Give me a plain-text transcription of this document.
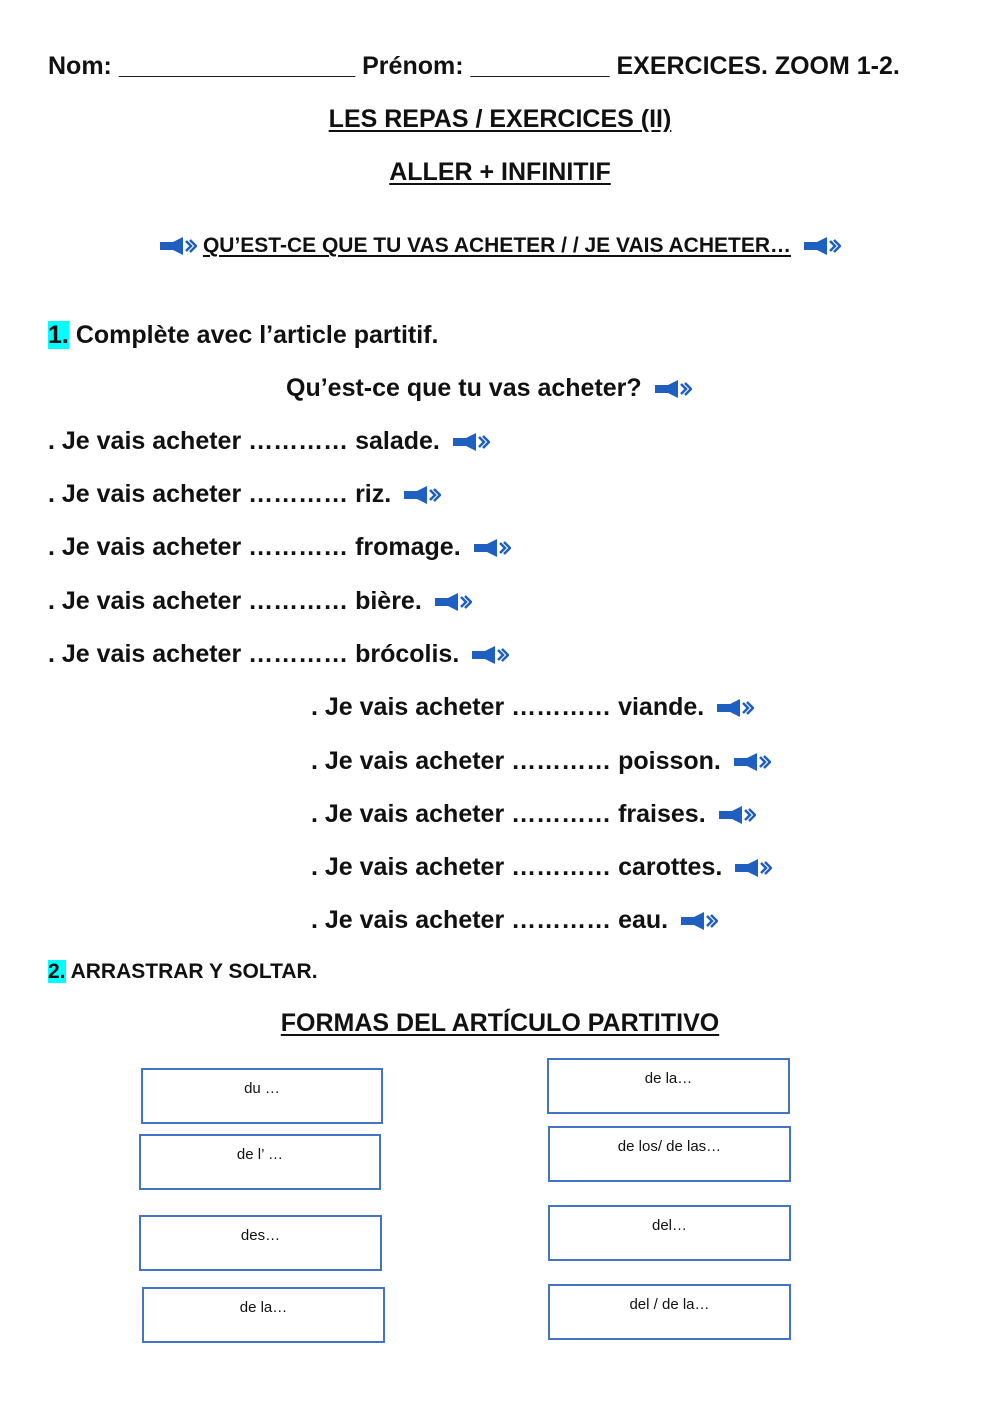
Nom: _________________ Prénom: __________ EXERCICES. ZOOM 1-2.
LES REPAS / EXERCICES (II)
ALLER + INFINITIF
QU’EST-CE QUE TU VAS ACHETER / / JE VAIS ACHETER…
1. Complète avec l’article partitif.
Qu’est-ce que tu vas acheter?
. Je vais acheter ………… salade.
. Je vais acheter ………… riz.
. Je vais acheter ………… fromage.
. Je vais acheter ………… bière.
. Je vais acheter ………… brócolis.
. Je vais acheter ………… viande.
. Je vais acheter ………… poisson.
. Je vais acheter ………… fraises.
. Je vais acheter ………… carottes.
. Je vais acheter ………… eau.
2. ARRASTRAR Y SOLTAR.
FORMAS DEL ARTÍCULO PARTITIVO
du …
de l’ …
des…
de la…
de la…
de los/ de las…
del…
del / de la…
